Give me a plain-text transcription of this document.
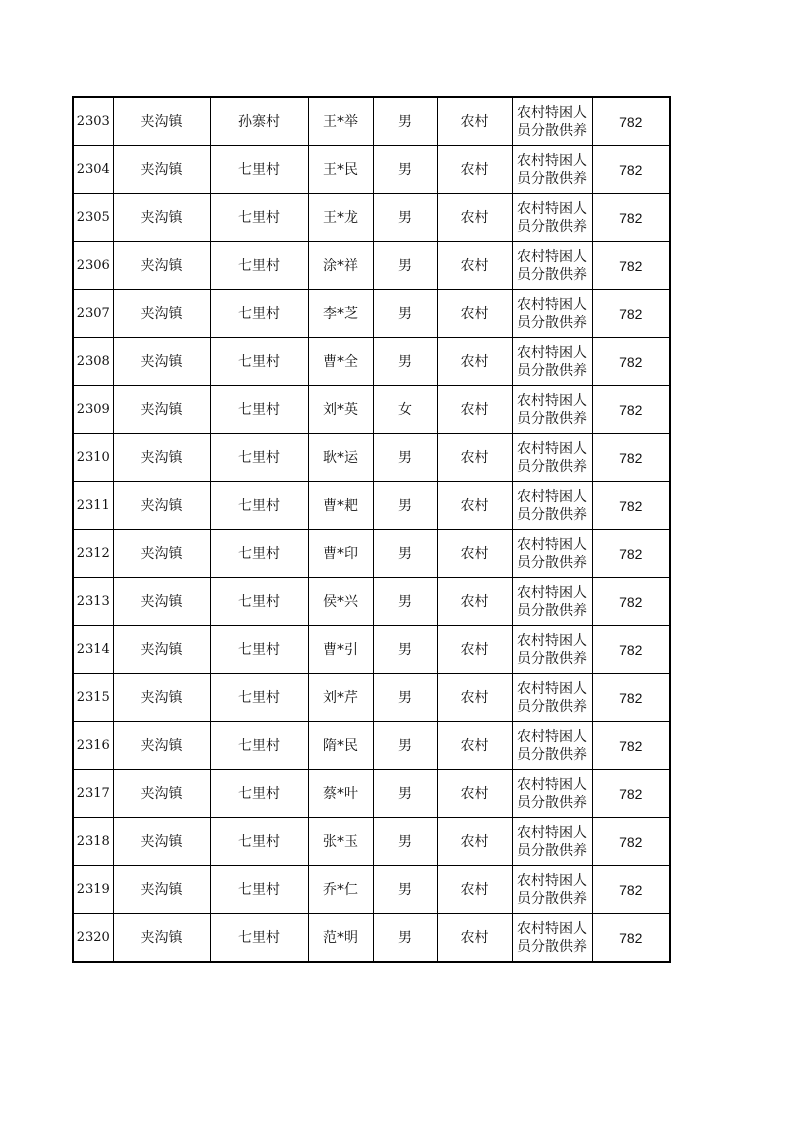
2303	夹沟镇	孙寨村	王*举	男	农村	农村特困人员分散供养	782
2304	夹沟镇	七里村	王*民	男	农村	农村特困人员分散供养	782
2305	夹沟镇	七里村	王*龙	男	农村	农村特困人员分散供养	782
2306	夹沟镇	七里村	涂*祥	男	农村	农村特困人员分散供养	782
2307	夹沟镇	七里村	李*芝	男	农村	农村特困人员分散供养	782
2308	夹沟镇	七里村	曹*全	男	农村	农村特困人员分散供养	782
2309	夹沟镇	七里村	刘*英	女	农村	农村特困人员分散供养	782
2310	夹沟镇	七里村	耿*运	男	农村	农村特困人员分散供养	782
2311	夹沟镇	七里村	曹*耙	男	农村	农村特困人员分散供养	782
2312	夹沟镇	七里村	曹*印	男	农村	农村特困人员分散供养	782
2313	夹沟镇	七里村	侯*兴	男	农村	农村特困人员分散供养	782
2314	夹沟镇	七里村	曹*引	男	农村	农村特困人员分散供养	782
2315	夹沟镇	七里村	刘*芹	男	农村	农村特困人员分散供养	782
2316	夹沟镇	七里村	隋*民	男	农村	农村特困人员分散供养	782
2317	夹沟镇	七里村	蔡*叶	男	农村	农村特困人员分散供养	782
2318	夹沟镇	七里村	张*玉	男	农村	农村特困人员分散供养	782
2319	夹沟镇	七里村	乔*仁	男	农村	农村特困人员分散供养	782
2320	夹沟镇	七里村	范*明	男	农村	农村特困人员分散供养	782
